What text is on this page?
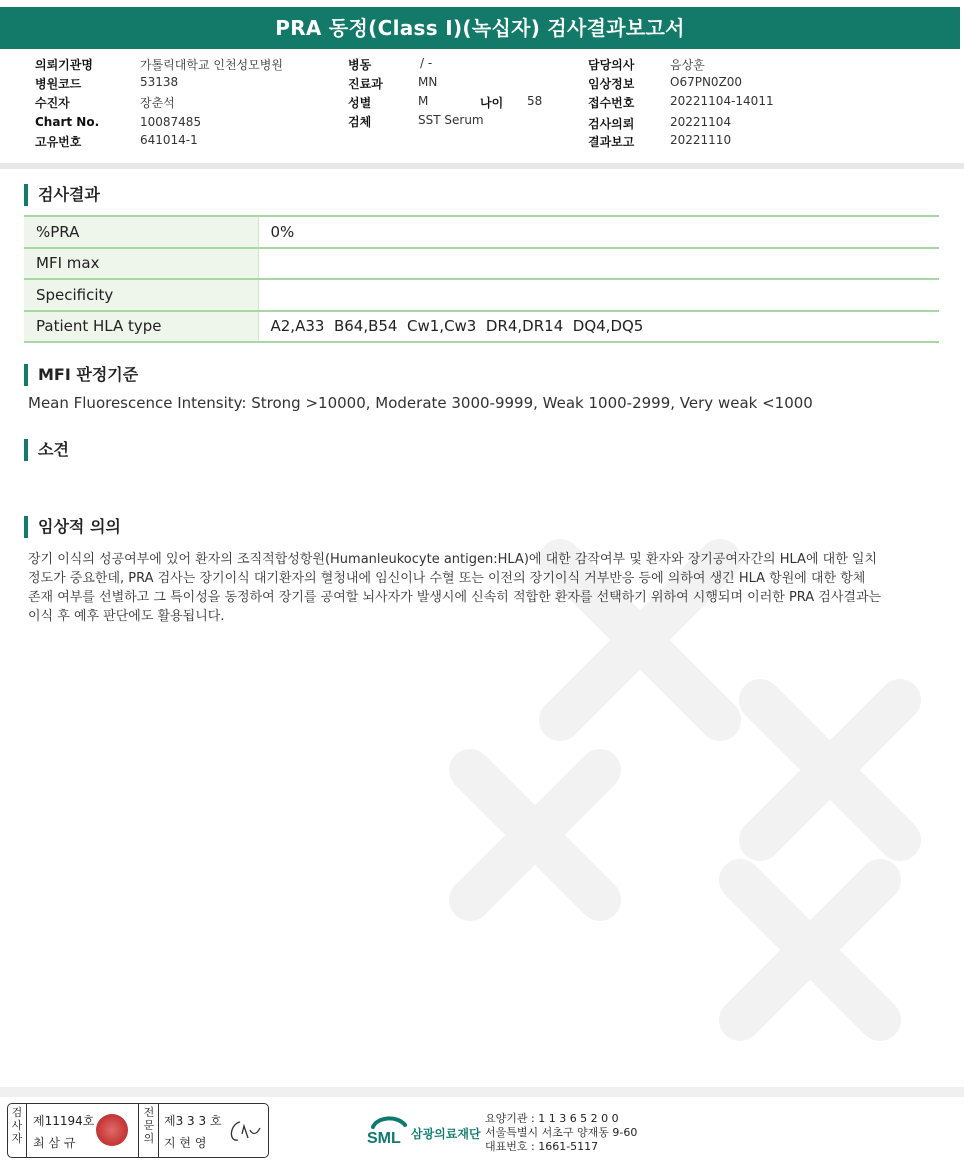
PRA 동정(Class I)(녹십자) 검사결과보고서
의뢰기관명	가톨릭대학교 인천성모병원
병원코드	53138
수진자	장춘석
Chart No.	10087485
고유번호	641014-1
병동	/ -
진료과	MN
성별	M	나이 58
검체	SST Serum
담당의사	음상훈
임상정보	O67PN0Z00
접수번호	20221104-14011
검사의뢰	20221104
결과보고	20221110
검사결과
%PRA	0%
MFI max	
Specificity	
Patient HLA type	A2,A33  B64,B54  Cw1,Cw3  DR4,DR14  DQ4,DQ5
MFI 판정기준
Mean Fluorescence Intensity: Strong >10000, Moderate 3000-9999, Weak 1000-2999, Very weak <1000
소견
임상적 의의
장기 이식의 성공여부에 있어 환자의 조직적합성항원(Humanleukocyte antigen:HLA)에 대한 감작여부 및 환자와 장기공여자간의 HLA에 대한 일치
정도가 중요한데, PRA 검사는 장기이식 대기환자의 혈청내에 임신이나 수혈 또는 이전의 장기이식 거부반응 등에 의하여 생긴 HLA 항원에 대한 항체
존재 여부를 선별하고 그 특이성을 동정하여 장기를 공여할 뇌사자가 발생시에 신속히 적합한 환자를 선택하기 위하여 시행되며 이러한 PRA 검사결과는
이식 후 예후 판단에도 활용됩니다.
검사자
제11194호
최 삼 규
전문의
제3 3 3 호
지 현 영	SML 삼광의료재단
요양기관 : 1 1 3 6 5 2 0 0
서울특별시 서초구 양재동 9-60
대표번호 : 1661-5117
